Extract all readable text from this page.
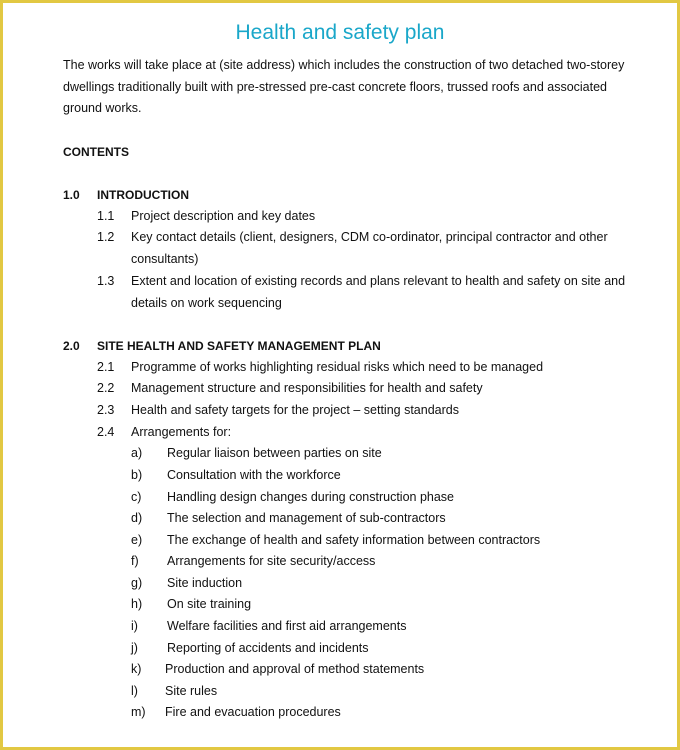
Health and safety plan

The works will take place at (site address) which includes the construction of two detached two-storey dwellings traditionally built with pre-stressed pre-cast concrete floors, trussed roofs and associated ground works.

CONTENTS
1.0 INTRODUCTION
1.1 Project description and key dates
1.2 Key contact details (client, designers, CDM co-ordinator, principal contractor and other consultants)
1.3 Extent and location of existing records and plans relevant to health and safety on site and details on work sequencing
2.0 SITE HEALTH AND SAFETY MANAGEMENT PLAN
2.1 Programme of works highlighting residual risks which need to be managed
2.2 Management structure and responsibilities for health and safety
2.3 Health and safety targets for the project – setting standards
2.4 Arrangements for:
a) Regular liaison between parties on site
b) Consultation with the workforce
c) Handling design changes during construction phase
d) The selection and management of sub-contractors
e) The exchange of health and safety information between contractors
f) Arrangements for site security/access
g) Site induction
h) On site training
i) Welfare facilities and first aid arrangements
j) Reporting of accidents and incidents
k) Production and approval of method statements
l) Site rules
m) Fire and evacuation procedures
